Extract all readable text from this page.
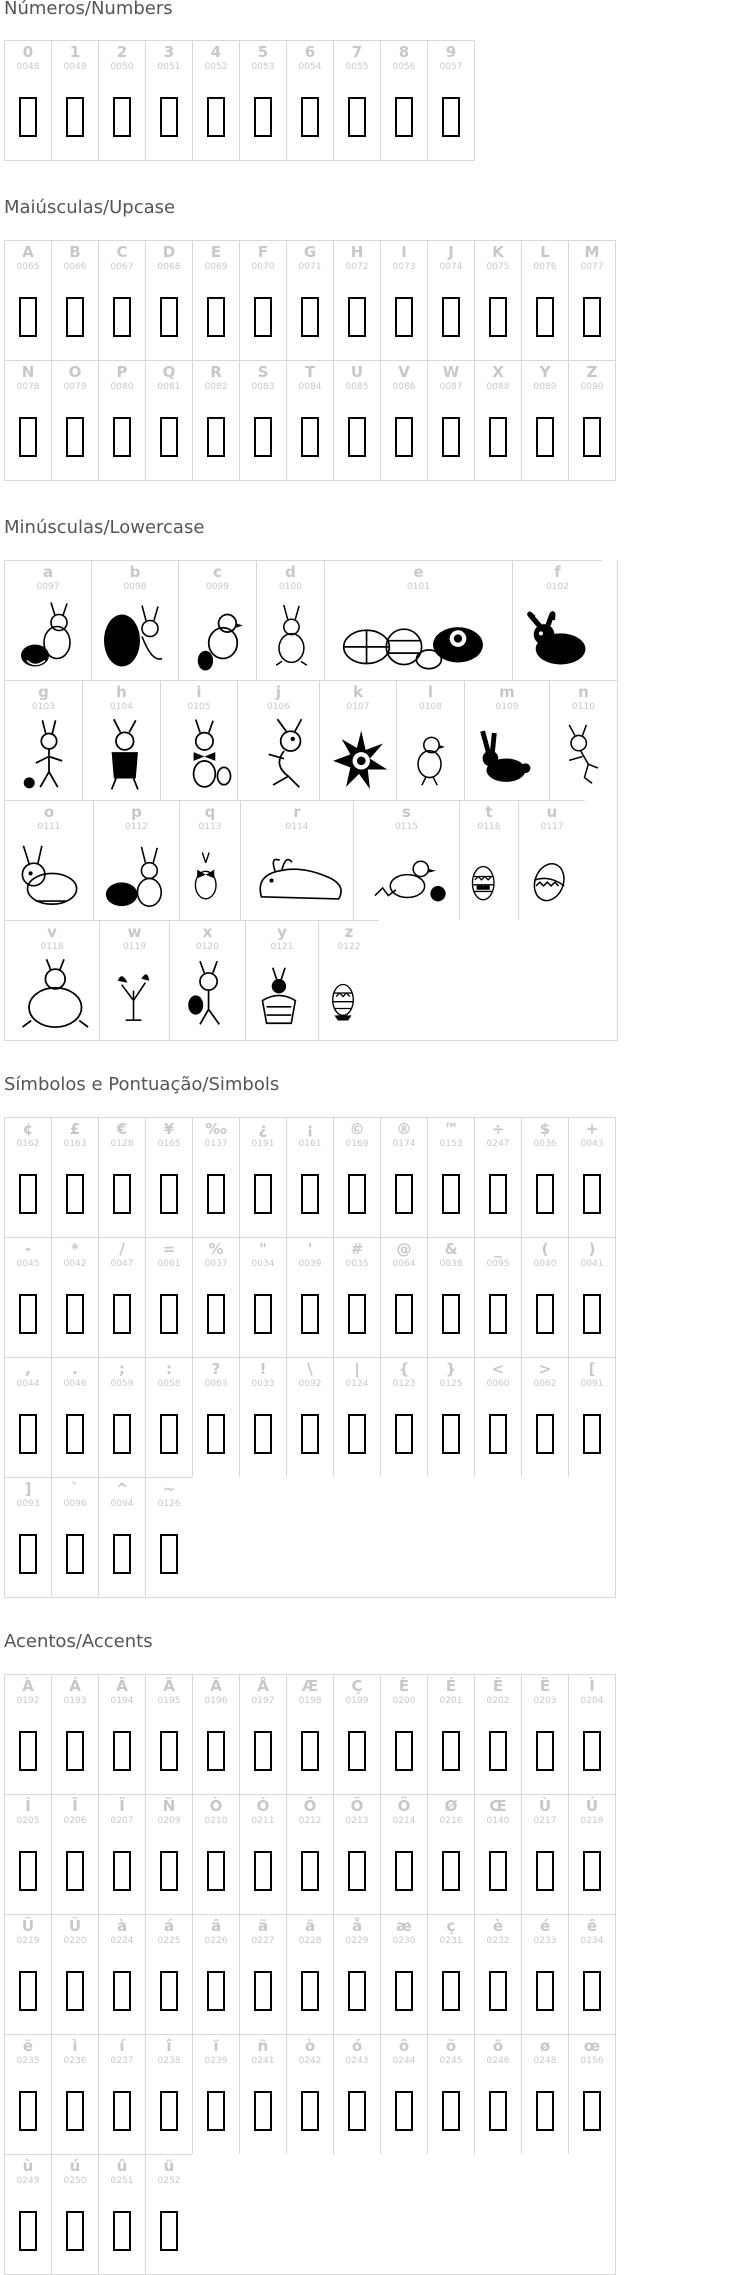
Números/Numbers
Maiúsculas/Upcase
Minúsculas/Lowercase
Símbolos e Pontuação/Simbols
Acentos/Accents
0
0048
1
0049
2
0050
3
0051
4
0052
5
0053
6
0054
7
0055
8
0056
9
0057
A
0065
B
0066
C
0067
D
0068
E
0069
F
0070
G
0071
H
0072
I
0073
J
0074
K
0075
L
0076
M
0077
N
0078
O
0079
P
0080
Q
0081
R
0082
S
0083
T
0084
U
0085
V
0086
W
0087
X
0088
Y
0089
Z
0090
a
0097
b
0098
c
0099
d
0100
e
0101
f
0102
g
0103
h
0104
i
0105
j
0106
k
0107
l
0108
m
0109
n
0110
o
0111
p
0112
q
0113
r
0114
s
0115
t
0116
u
0117
v
0118
w
0119
x
0120
y
0121
z
0122
¢
0162
£
0163
€
0128
¥
0165
‰
0137
¿
0191
¡
0161
©
0169
®
0174
™
0153
÷
0247
$
0036
+
0043
-
0045
*
0042
/
0047
=
0061
%
0037
"
0034
'
0039
#
0035
@
0064
&
0038
_
0095
(
0040
)
0041
,
0044
.
0046
;
0059
:
0058
?
0063
!
0033
\
0092
|
0124
{
0123
}
0125
<
0060
>
0062
[
0091
]
0093
`
0096
^
0094
~
0126
À
0192
Á
0193
Â
0194
Ã
0195
Ä
0196
Å
0197
Æ
0198
Ç
0199
È
0200
É
0201
Ê
0202
Ë
0203
Ì
0204
Í
0205
Î
0206
Ï
0207
Ñ
0209
Ò
0210
Ó
0211
Ô
0212
Õ
0213
Ö
0214
Ø
0216
Œ
0140
Ù
0217
Ú
0218
Û
0219
Ü
0220
à
0224
á
0225
â
0226
ã
0227
ä
0228
å
0229
æ
0230
ç
0231
è
0232
é
0233
ê
0234
ë
0235
ì
0236
í
0237
î
0238
ï
0239
ñ
0241
ò
0242
ó
0243
ô
0244
õ
0245
ö
0246
ø
0248
œ
0156
ù
0249
ú
0250
û
0251
ü
0252
